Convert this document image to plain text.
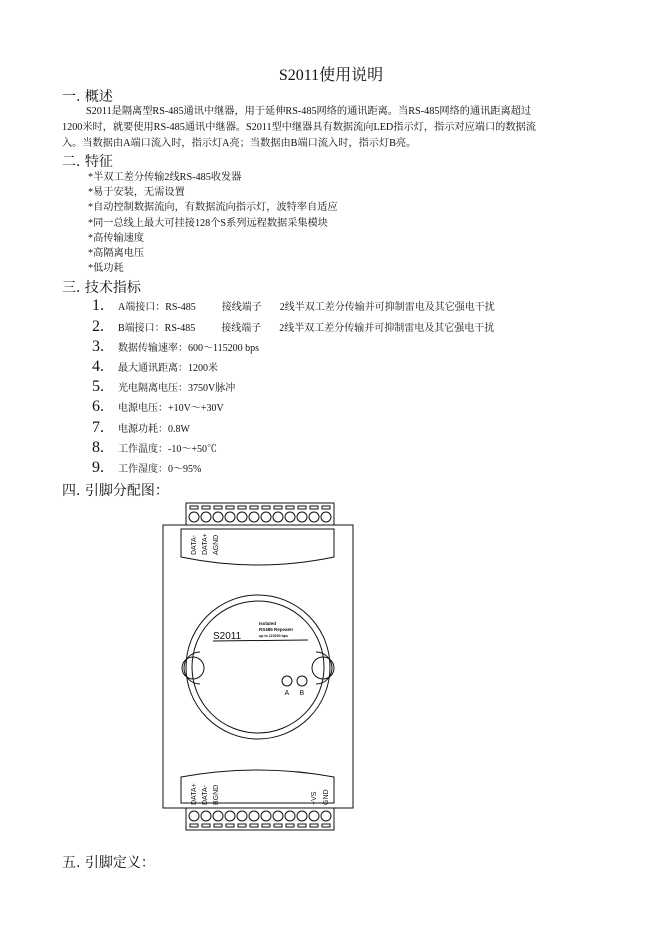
S2011使用说明
一. 概述
S2011是隔离型RS-485通讯中继器，用于延伸RS-485网络的通讯距离。当RS-485网络的通讯距离超过
1200米时，就要使用RS-485通讯中继器。S2011型中继器具有数据流向LED指示灯，指示对应端口的数据流
入。当数据由A端口流入时，指示灯A亮；当数据由B端口流入时，指示灯B亮。
二. 特征
*半双工差分传输2线RS-485收发器
*易于安装，无需设置
*自动控制数据流向，有数据流向指示灯，波特率自适应
*同一总线上最大可挂接128个S系列远程数据采集模块
*高传输速度
*高隔离电压
*低功耗
三. 技术指标
1.	A端接口：RS-485	接线端子 2线半双工差分传输并可抑制雷电及其它强电干扰
2.	B端接口：RS-485	接线端子 2线半双工差分传输并可抑制雷电及其它强电干扰
3.	数据传输速率：600～115200 bps
4.	最大通讯距离：1200米
5.	光电隔离电压：3750V脉冲
6.	电源电压：+10V～+30V
7.	电源功耗：0.8W
8.	工作温度：-10～+50℃
9.	工作湿度：0～95%
四. 引脚分配图：
DATA- DATA+ AGND
DATA+ DATA- BGND	+VS GND
S2011
Isolated
RS485 Repeater
up to 115200 bps
A B
五. 引脚定义：
